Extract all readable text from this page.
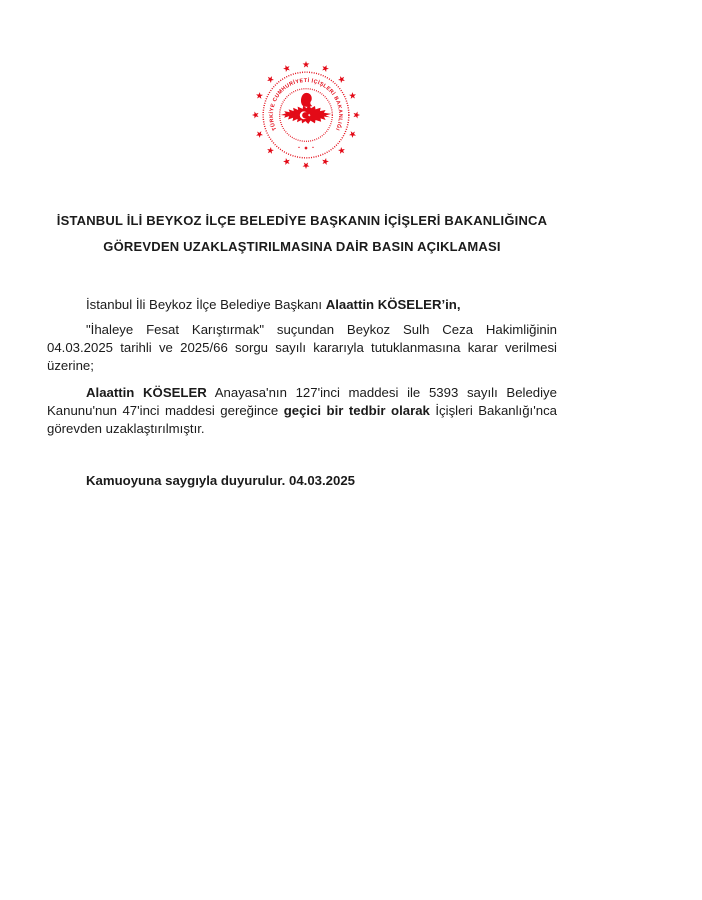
TÜRKİYE CUMHURİYETİ İÇİŞLERİ BAKANLIĞI
İSTANBUL İLİ BEYKOZ İLÇE BELEDİYE BAŞKANIN İÇİŞLERİ BAKANLIĞINCA
GÖREVDEN UZAKLAŞTIRILMASINA DAİR BASIN AÇIKLAMASI

İstanbul İli Beykoz İlçe Belediye Başkanı Alaattin KÖSELER’in,

"İhaleye Fesat Karıştırmak" suçundan Beykoz Sulh Ceza Hakimliğinin 04.03.2025 tarihli ve 2025/66 sorgu sayılı kararıyla tutuklanmasına karar verilmesi üzerine;

Alaattin KÖSELER Anayasa'nın 127'inci maddesi ile 5393 sayılı Belediye Kanunu'nun 47'inci maddesi gereğince geçici bir tedbir olarak İçişleri Bakanlığı'nca görevden uzaklaştırılmıştır.

Kamuoyuna saygıyla duyurulur. 04.03.2025
